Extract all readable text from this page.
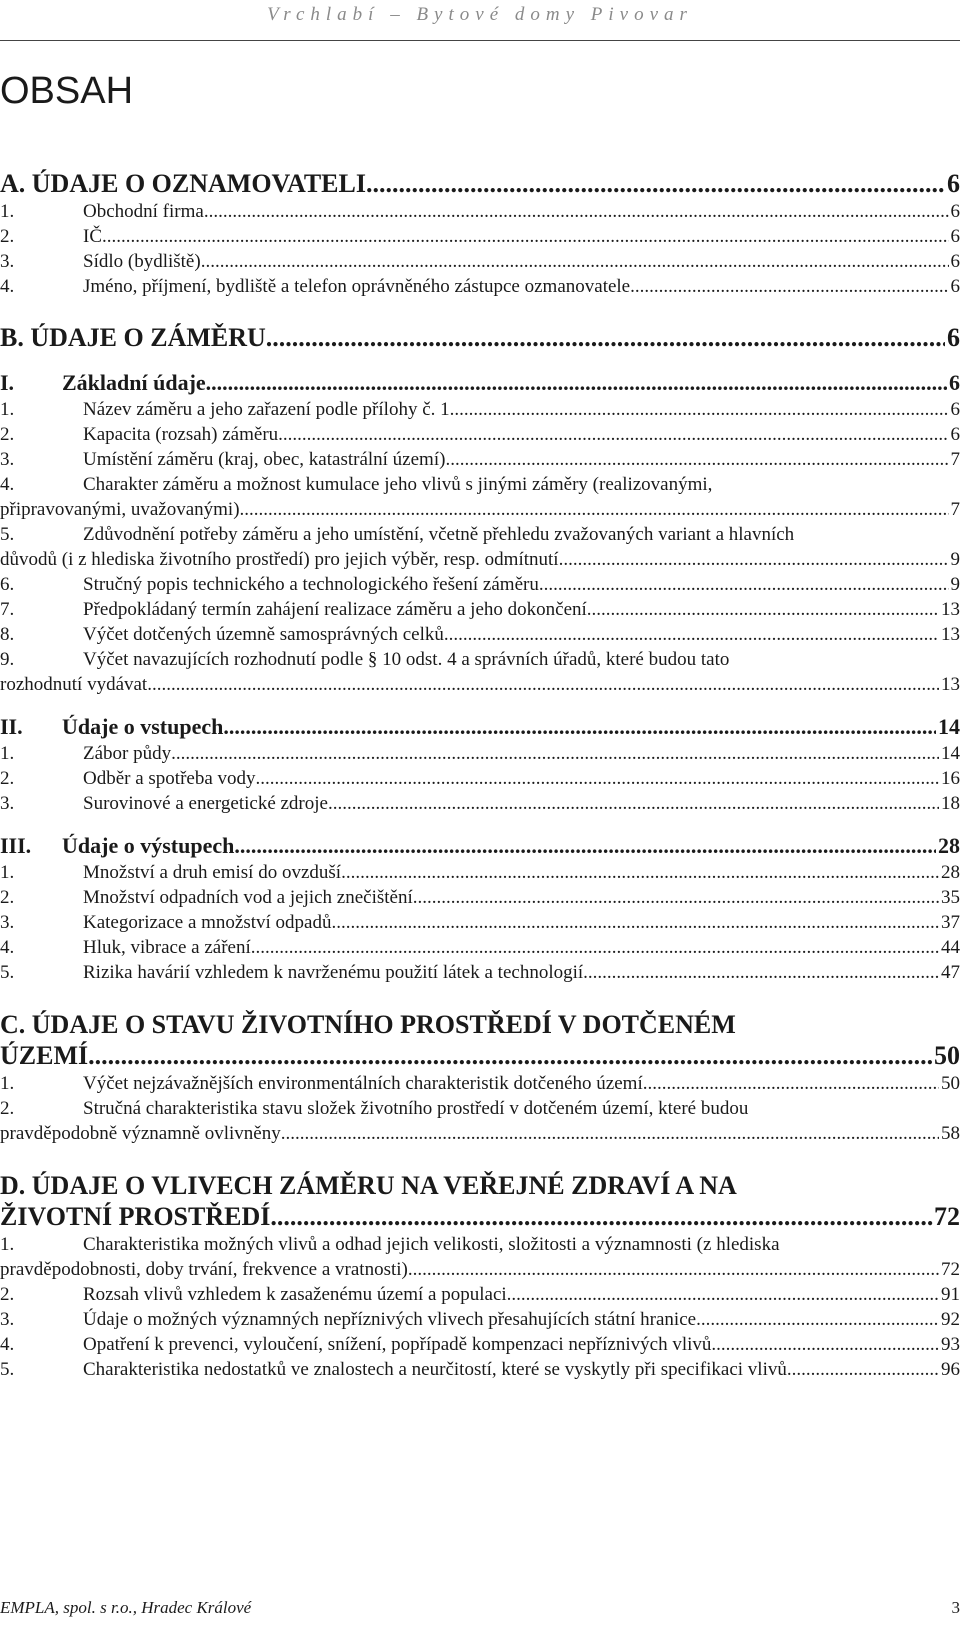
Vrchlabí – Bytové domy Pivovar
OBSAH
A. ÚDAJE O OZNAMOVATELI .....	6
1.	Obchodní firma .....	6
2.	IČ .....	6
3.	Sídlo (bydliště) .....	6
4.	Jméno, příjmení, bydliště a telefon oprávněného zástupce ozmanovatele .....	6
B. ÚDAJE O ZÁMĚRU .....	6
I.	Základní údaje .....	6
1.	Název záměru a jeho zařazení podle přílohy č. 1 .....	6
2.	Kapacita (rozsah) záměru .....	6
3.	Umístění záměru (kraj, obec, katastrální území) .....	7
4.	Charakter záměru a možnost kumulace jeho vlivů s jinými záměry (realizovanými,
připravovanými, uvažovanými) .....	7
5.	Zdůvodnění potřeby záměru a jeho umístění, včetně přehledu zvažovaných variant a hlavních
důvodů (i z hlediska životního prostředí) pro jejich výběr, resp. odmítnutí .....	9
6.	Stručný popis technického a technologického řešení záměru .....	9
7.	Předpokládaný termín zahájení realizace záměru a jeho dokončení .....	13
8.	Výčet dotčených územně samosprávných celků .....	13
9.	Výčet navazujících rozhodnutí podle § 10 odst. 4 a správních úřadů, které budou tato
rozhodnutí vydávat .....	13
II.	Údaje o vstupech .....	14
1.	Zábor půdy .....	14
2.	Odběr a spotřeba vody .....	16
3.	Surovinové a energetické zdroje .....	18
III.	Údaje o výstupech .....	28
1.	Množství a druh emisí do ovzduší .....	28
2.	Množství odpadních vod a jejich znečištění .....	35
3.	Kategorizace a množství odpadů .....	37
4.	Hluk, vibrace a záření .....	44
5.	Rizika havárií vzhledem k navrženému použití látek a technologií .....	47
C. ÚDAJE O STAVU ŽIVOTNÍHO PROSTŘEDÍ V DOTČENÉM
ÚZEMÍ .....	50
1.	Výčet nejzávažnějších environmentálních charakteristik dotčeného území .....	50
2.	Stručná charakteristika stavu složek životního prostředí v dotčeném území, které budou
pravděpodobně významně ovlivněny .....	58
D. ÚDAJE O VLIVECH ZÁMĚRU NA VEŘEJNÉ ZDRAVÍ A NA
ŽIVOTNÍ PROSTŘEDÍ .....	72
1.	Charakteristika možných vlivů a odhad jejich velikosti, složitosti a významnosti (z hlediska
pravděpodobnosti, doby trvání, frekvence a vratnosti) .....	72
2.	Rozsah vlivů vzhledem k zasaženému území a populaci .....	91
3.	Údaje o možných významných nepříznivých vlivech přesahujících státní hranice .....	92
4.	Opatření k prevenci, vyloučení, snížení, popřípadě kompenzaci nepříznivých vlivů .....	93
5.	Charakteristika nedostatků ve znalostech a neurčitostí, které se vyskytly při specifikaci vlivů .....	96
EMPLA, spol. s r.o., Hradec Králové	3
